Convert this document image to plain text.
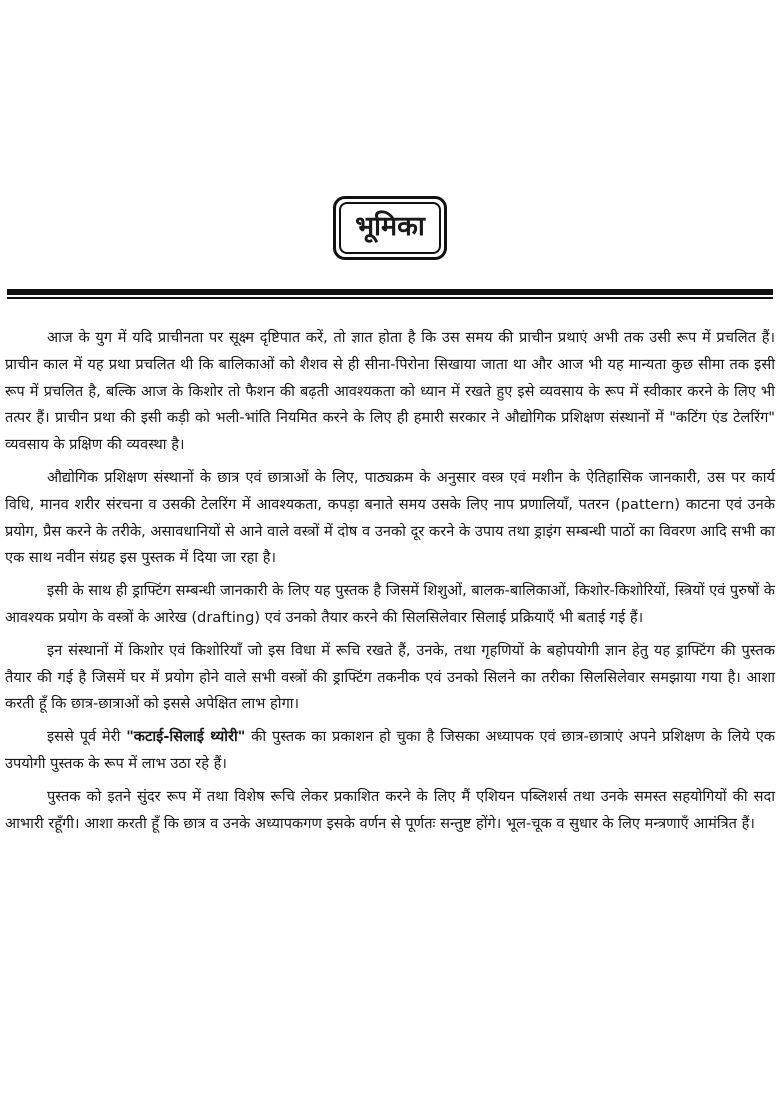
भूमिका

आज के युग में यदि प्राचीनता पर सूक्ष्म दृष्टिपात करें, तो ज्ञात होता है कि उस समय की प्राचीन प्रथाएं अभी तक उसी रूप में प्रचलित हैं। प्राचीन काल में यह प्रथा प्रचलित थी कि बालिकाओं को शैशव से ही सीना-पिरोना सिखाया जाता था और आज भी यह मान्यता कुछ सीमा तक इसी रूप में प्रचलित है, बल्कि आज के किशोर तो फैशन की बढ़ती आवश्यकता को ध्यान में रखते हुए इसे व्यवसाय के रूप में स्वीकार करने के लिए भी तत्पर हैं। प्राचीन प्रथा की इसी कड़ी को भली-भांति नियमित करने के लिए ही हमारी सरकार ने औद्योगिक प्रशिक्षण संस्थानों में "कटिंग एंड टेलरिंग" व्यवसाय के प्रक्षिण की व्यवस्था है।

औद्योगिक प्रशिक्षण संस्थानों के छात्र एवं छात्राओं के लिए, पाठ्यक्रम के अनुसार वस्त्र एवं मशीन के ऐतिहासिक जानकारी, उस पर कार्य विधि, मानव शरीर संरचना व उसकी टेलरिंग में आवश्यकता, कपड़ा बनाते समय उसके लिए नाप प्रणालियाँ, पतरन (pattern) काटना एवं उनके प्रयोग, प्रैस करने के तरीके, असावधानियों से आने वाले वस्त्रों में दोष व उनको दूर करने के उपाय तथा ड्राइंग सम्बन्धी पाठों का विवरण आदि सभी का एक साथ नवीन संग्रह इस पुस्तक में दिया जा रहा है।

इसी के साथ ही ड्राफ्टिंग सम्बन्धी जानकारी के लिए यह पुस्तक है जिसमें शिशुओं, बालक-बालिकाओं, किशोर-किशोरियों, स्त्रियों एवं पुरुषों के आवश्यक प्रयोग के वस्त्रों के आरेख (drafting) एवं उनको तैयार करने की सिलसिलेवार सिलाई प्रक्रियाएँ भी बताई गई हैं।

इन संस्थानों में किशोर एवं किशोरियाँ जो इस विधा में रूचि रखते हैं, उनके, तथा गृहणियों के बहोपयोगी ज्ञान हेतु यह ड्राफ्टिंग की पुस्तक तैयार की गई है जिसमें घर में प्रयोग होने वाले सभी वस्त्रों की ड्राफ्टिंग तकनीक एवं उनको सिलने का तरीका सिलसिलेवार समझाया गया है। आशा करती हूँ कि छात्र-छात्राओं को इससे अपेक्षित लाभ होगा।

इससे पूर्व मेरी "कटाई-सिलाई थ्योरी" की पुस्तक का प्रकाशन हो चुका है जिसका अध्यापक एवं छात्र-छात्राएं अपने प्रशिक्षण के लिये एक उपयोगी पुस्तक के रूप में लाभ उठा रहे हैं।

पुस्तक को इतने सुंदर रूप में तथा विशेष रूचि लेकर प्रकाशित करने के लिए मैं एशियन पब्लिशर्स तथा उनके समस्त सहयोगियों की सदा आभारी रहूँगी। आशा करती हूँ कि छात्र व उनके अध्यापकगण इसके वर्णन से पूर्णतः सन्तुष्ट होंगे। भूल-चूक व सुधार के लिए मन्त्रणाएँ आमंत्रित हैं।
